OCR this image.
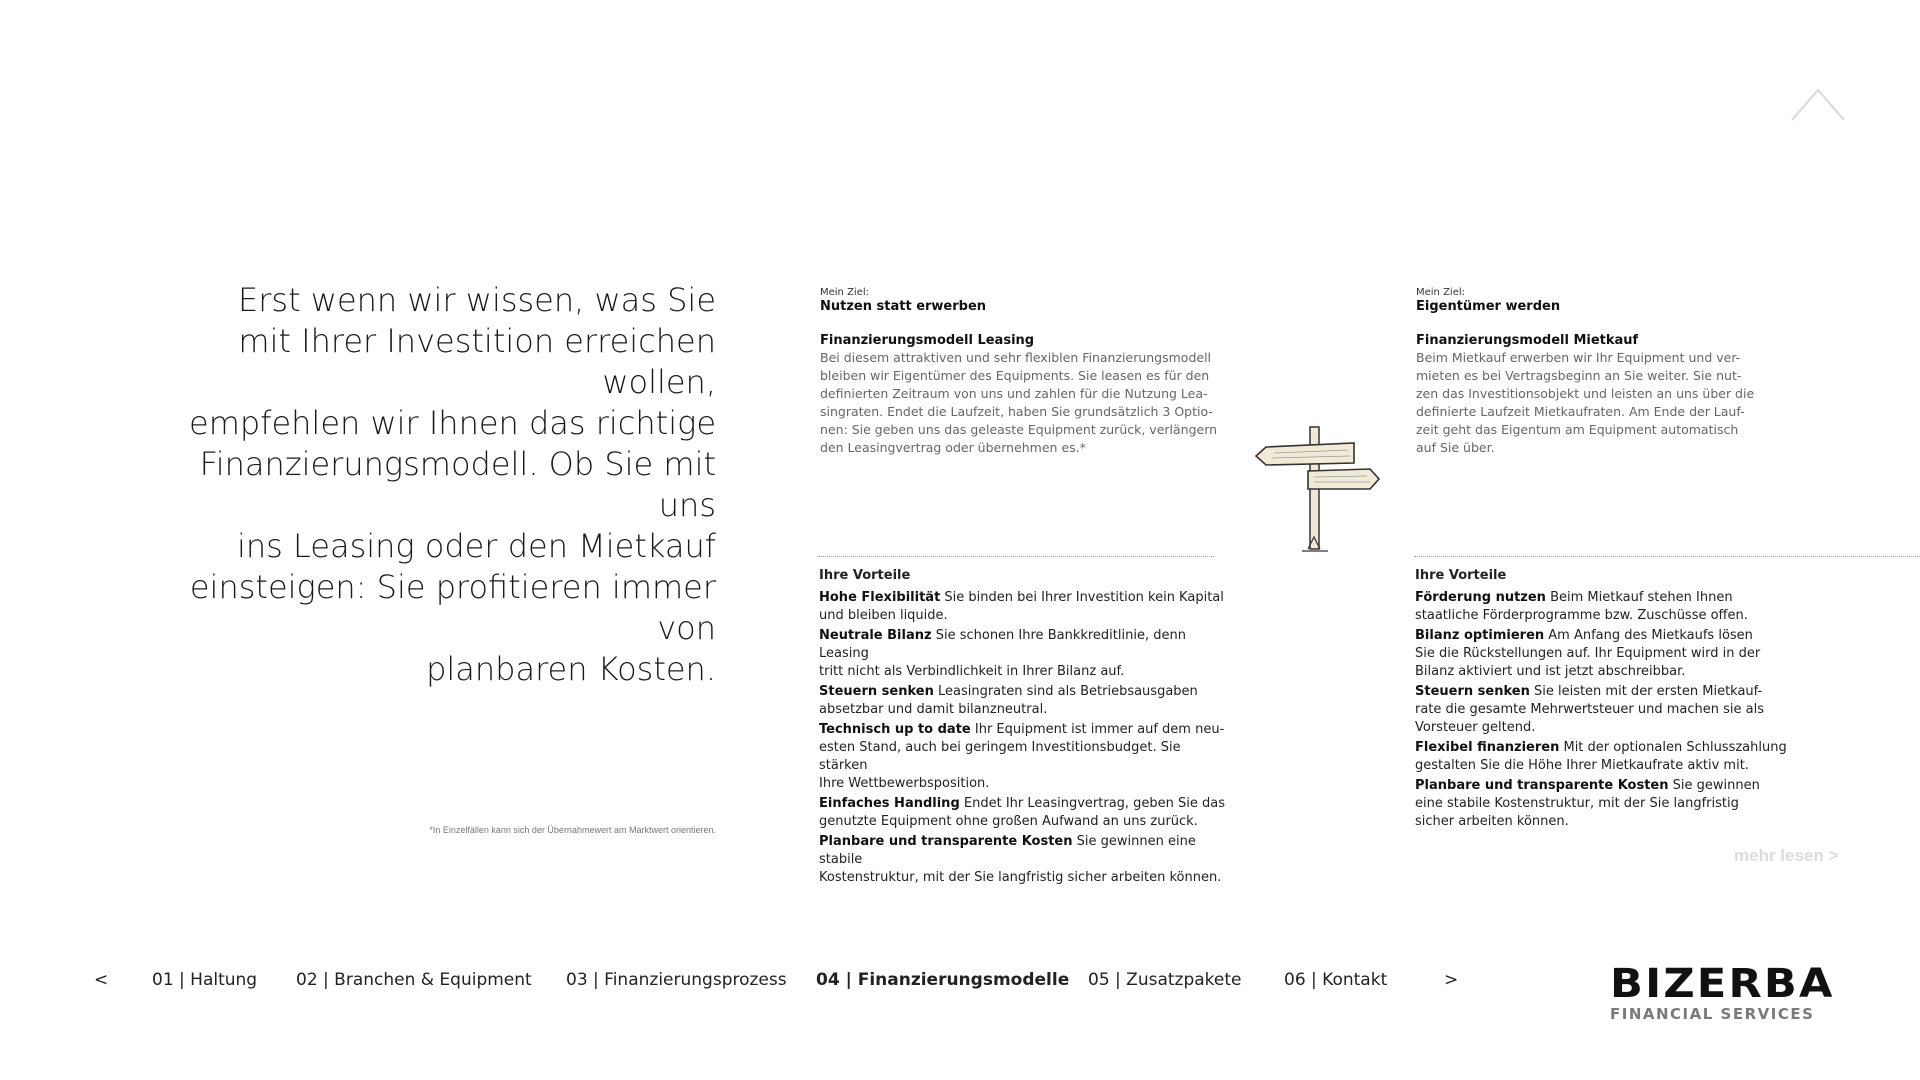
Erst wenn wir wissen, was Sie
mit Ihrer Investition erreichen wollen,
empfehlen wir Ihnen das richtige
Finanzierungsmodell. Ob Sie mit uns
ins Leasing oder den Mietkauf
einsteigen: Sie profitieren immer von
planbaren Kosten.
*In Einzelfällen kann sich der Übernahmewert am Marktwert orientieren.
Mein Ziel:
Nutzen statt erwerben
Finanzierungsmodell Leasing
Bei diesem attraktiven und sehr flexiblen Finanzierungsmodell
bleiben wir Eigentümer des Equipments. Sie leasen es für den
definierten Zeitraum von uns und zahlen für die Nutzung Lea-
singraten. Endet die Laufzeit, haben Sie grundsätzlich 3 Optio-
nen: Sie geben uns das geleaste Equipment zurück, verlängern
den Leasingvertrag oder übernehmen es.*
Mein Ziel:
Eigentümer werden
Finanzierungsmodell Mietkauf
Beim Mietkauf erwerben wir Ihr Equipment und ver-
mieten es bei Vertragsbeginn an Sie weiter. Sie nut-
zen das Investitionsobjekt und leisten an uns über die
definierte Laufzeit Mietkaufraten. Am Ende der Lauf-
zeit geht das Eigentum am Equipment automatisch
auf Sie über.
Ihre Vorteile
Hohe Flexibilität Sie binden bei Ihrer Investition kein Kapital
und bleiben liquide.
Neutrale Bilanz Sie schonen Ihre Bankkreditlinie, denn Leasing
tritt nicht als Verbindlichkeit in Ihrer Bilanz auf.
Steuern senken Leasingraten sind als Betriebsausgaben
absetzbar und damit bilanzneutral.
Technisch up to date Ihr Equipment ist immer auf dem neu-
esten Stand, auch bei geringem Investitionsbudget. Sie stärken
Ihre Wettbewerbsposition.
Einfaches Handling Endet Ihr Leasingvertrag, geben Sie das
genutzte Equipment ohne großen Aufwand an uns zurück.
Planbare und transparente Kosten Sie gewinnen eine stabile
Kostenstruktur, mit der Sie langfristig sicher arbeiten können.
Ihre Vorteile
Förderung nutzen Beim Mietkauf stehen Ihnen
staatliche Förderprogramme bzw. Zuschüsse offen.
Bilanz optimieren Am Anfang des Mietkaufs lösen
Sie die Rückstellungen auf. Ihr Equipment wird in der
Bilanz aktiviert und ist jetzt abschreibbar.
Steuern senken Sie leisten mit der ersten Mietkauf-
rate die gesamte Mehrwertsteuer und machen sie als
Vorsteuer geltend.
Flexibel finanzieren Mit der optionalen Schlusszahlung
gestalten Sie die Höhe Ihrer Mietkaufrate aktiv mit.
Planbare und transparente Kosten Sie gewinnen
eine stabile Kostenstruktur, mit der Sie langfristig
sicher arbeiten können.
mehr lesen >
<	01 | Haltung 02 | Branchen & Equipment 03 | Finanzierungsprozess 04 | Finanzierungsmodelle 05 | Zusatzpakete	06 | Kontakt	>	BIZERBA
FINANCIAL SERVICES
